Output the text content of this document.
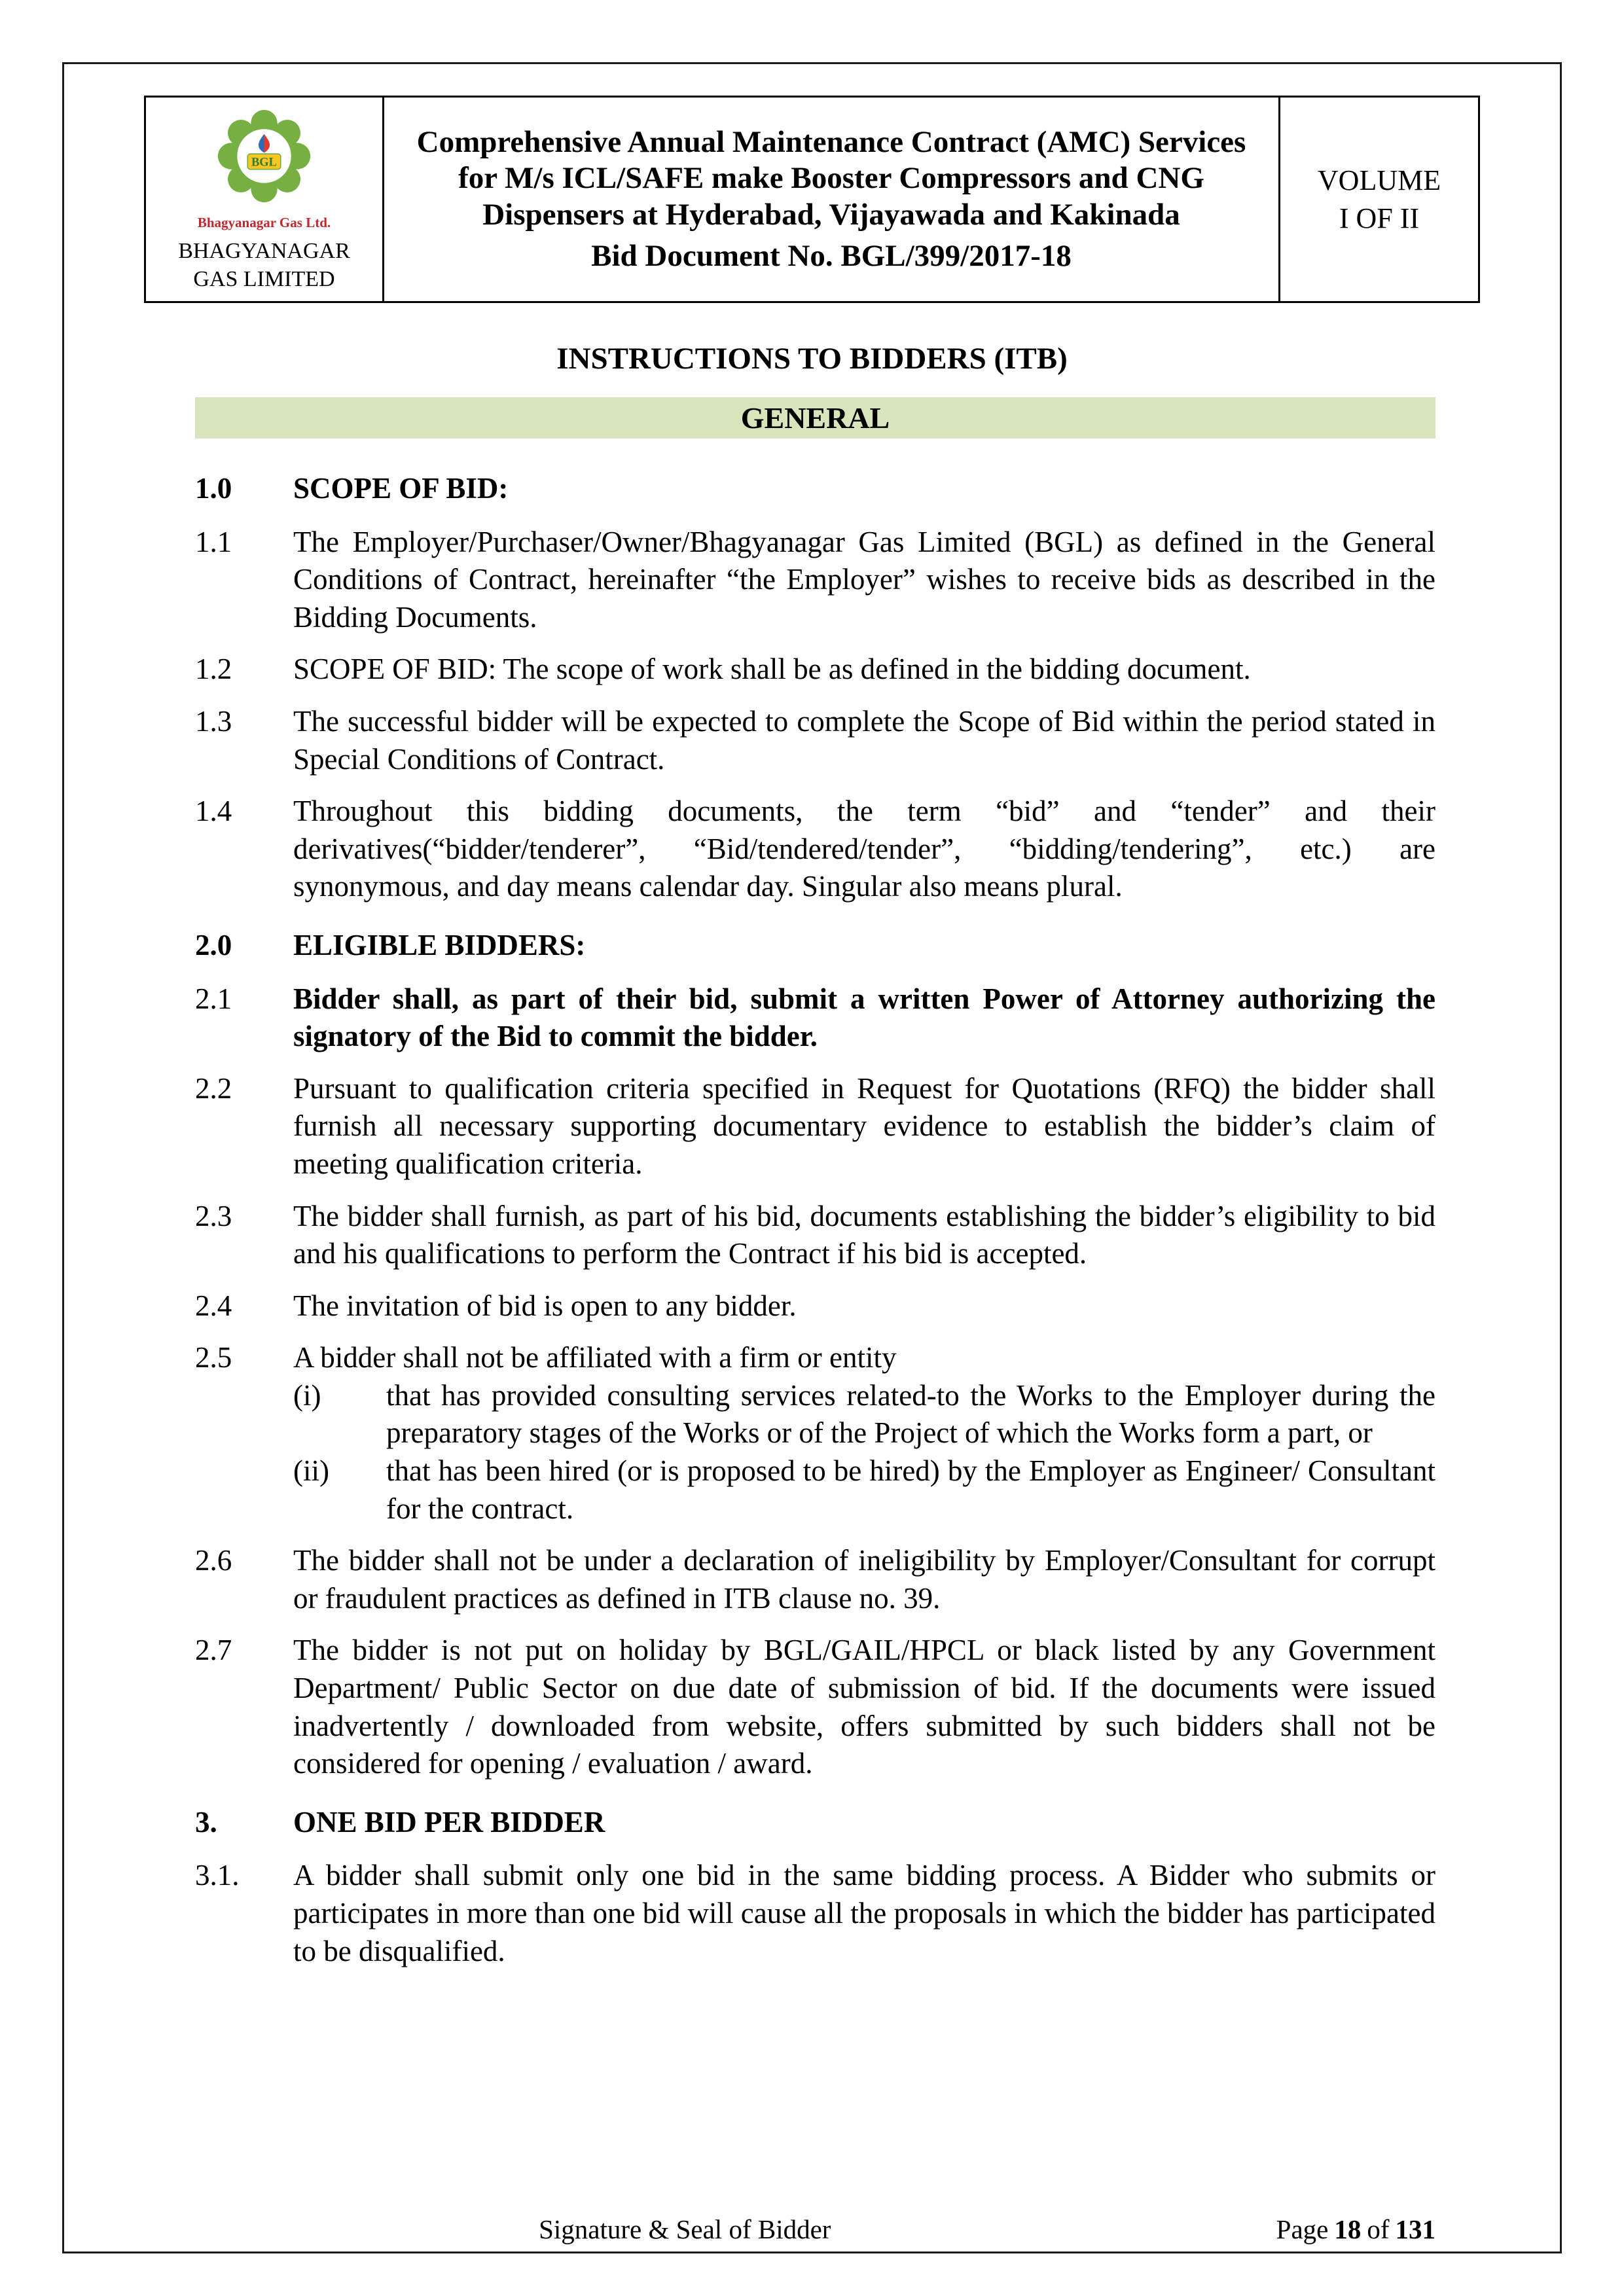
BGL
Bhagyanagar Gas Ltd.
BHAGYANAGAR
GAS LIMITED

Comprehensive Annual Maintenance Contract (AMC) Services for M/s ICL/SAFE make Booster Compressors and CNG Dispensers at Hyderabad, Vijayawada and Kakinada
Bid Document No. BGL/399/2017-18

VOLUME
I OF II
INSTRUCTIONS TO BIDDERS (ITB)
GENERAL
1.0	SCOPE OF BID:
1.1	The Employer/Purchaser/Owner/Bhagyanagar Gas Limited (BGL) as defined in the General Conditions of Contract, hereinafter “the Employer” wishes to receive bids as described in the Bidding Documents.
1.2	SCOPE OF BID: The scope of work shall be as defined in the bidding document.
1.3	The successful bidder will be expected to complete the Scope of Bid within the period stated in Special Conditions of Contract.
1.4	Throughout this bidding documents, the term “bid” and “tender” and their derivatives(“bidder/tenderer”, “Bid/tendered/tender”, “bidding/tendering”, etc.) are synonymous, and day means calendar day. Singular also means plural.
2.0	ELIGIBLE BIDDERS:
2.1	Bidder shall, as part of their bid, submit a written Power of Attorney authorizing the signatory of the Bid to commit the bidder.
2.2	Pursuant to qualification criteria specified in Request for Quotations (RFQ) the bidder shall furnish all necessary supporting documentary evidence to establish the bidder’s claim of meeting qualification criteria.
2.3	The bidder shall furnish, as part of his bid, documents establishing the bidder’s eligibility to bid and his qualifications to perform the Contract if his bid is accepted.
2.4	The invitation of bid is open to any bidder.
2.5	A bidder shall not be affiliated with a firm or entity
(i)	that has provided consulting services related-to the Works to the Employer during the preparatory stages of the Works or of the Project of which the Works form a part, or
(ii)	that has been hired (or is proposed to be hired) by the Employer as Engineer/ Consultant for the contract.
2.6	The bidder shall not be under a declaration of ineligibility by Employer/Consultant for corrupt or fraudulent practices as defined in ITB clause no. 39.
2.7	The bidder is not put on holiday by BGL/GAIL/HPCL or black listed by any Government Department/ Public Sector on due date of submission of bid. If the documents were issued inadvertently / downloaded from website, offers submitted by such bidders shall not be considered for opening / evaluation / award.
3.	ONE BID PER BIDDER
3.1.	A bidder shall submit only one bid in the same bidding process. A Bidder who submits or participates in more than one bid will cause all the proposals in which the bidder has participated to be disqualified.
Signature & Seal of Bidder	Page 18 of 131
